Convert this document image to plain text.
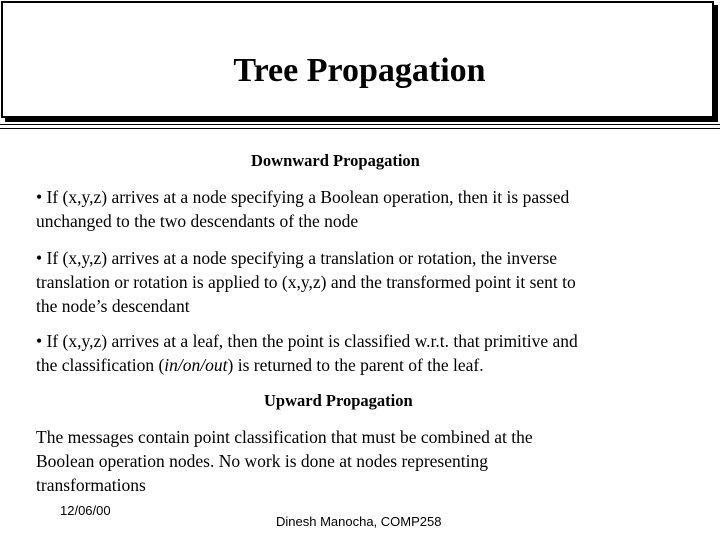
Tree Propagation
Downward Propagation
• If (x,y,z) arrives at a node specifying a Boolean operation, then it is passed
unchanged to the two descendants of the node
• If (x,y,z) arrives at a node specifying a translation or rotation, the inverse
translation or rotation is applied to (x,y,z) and the transformed point it sent to
the node’s descendant
• If (x,y,z) arrives at a leaf, then the point is classified w.r.t. that primitive and
the classification (in/on/out) is returned to the parent of the leaf.
Upward Propagation
The messages contain point classification that must be combined at the
Boolean operation nodes. No work is done at nodes representing
transformations
12/06/00
Dinesh Manocha, COMP258
